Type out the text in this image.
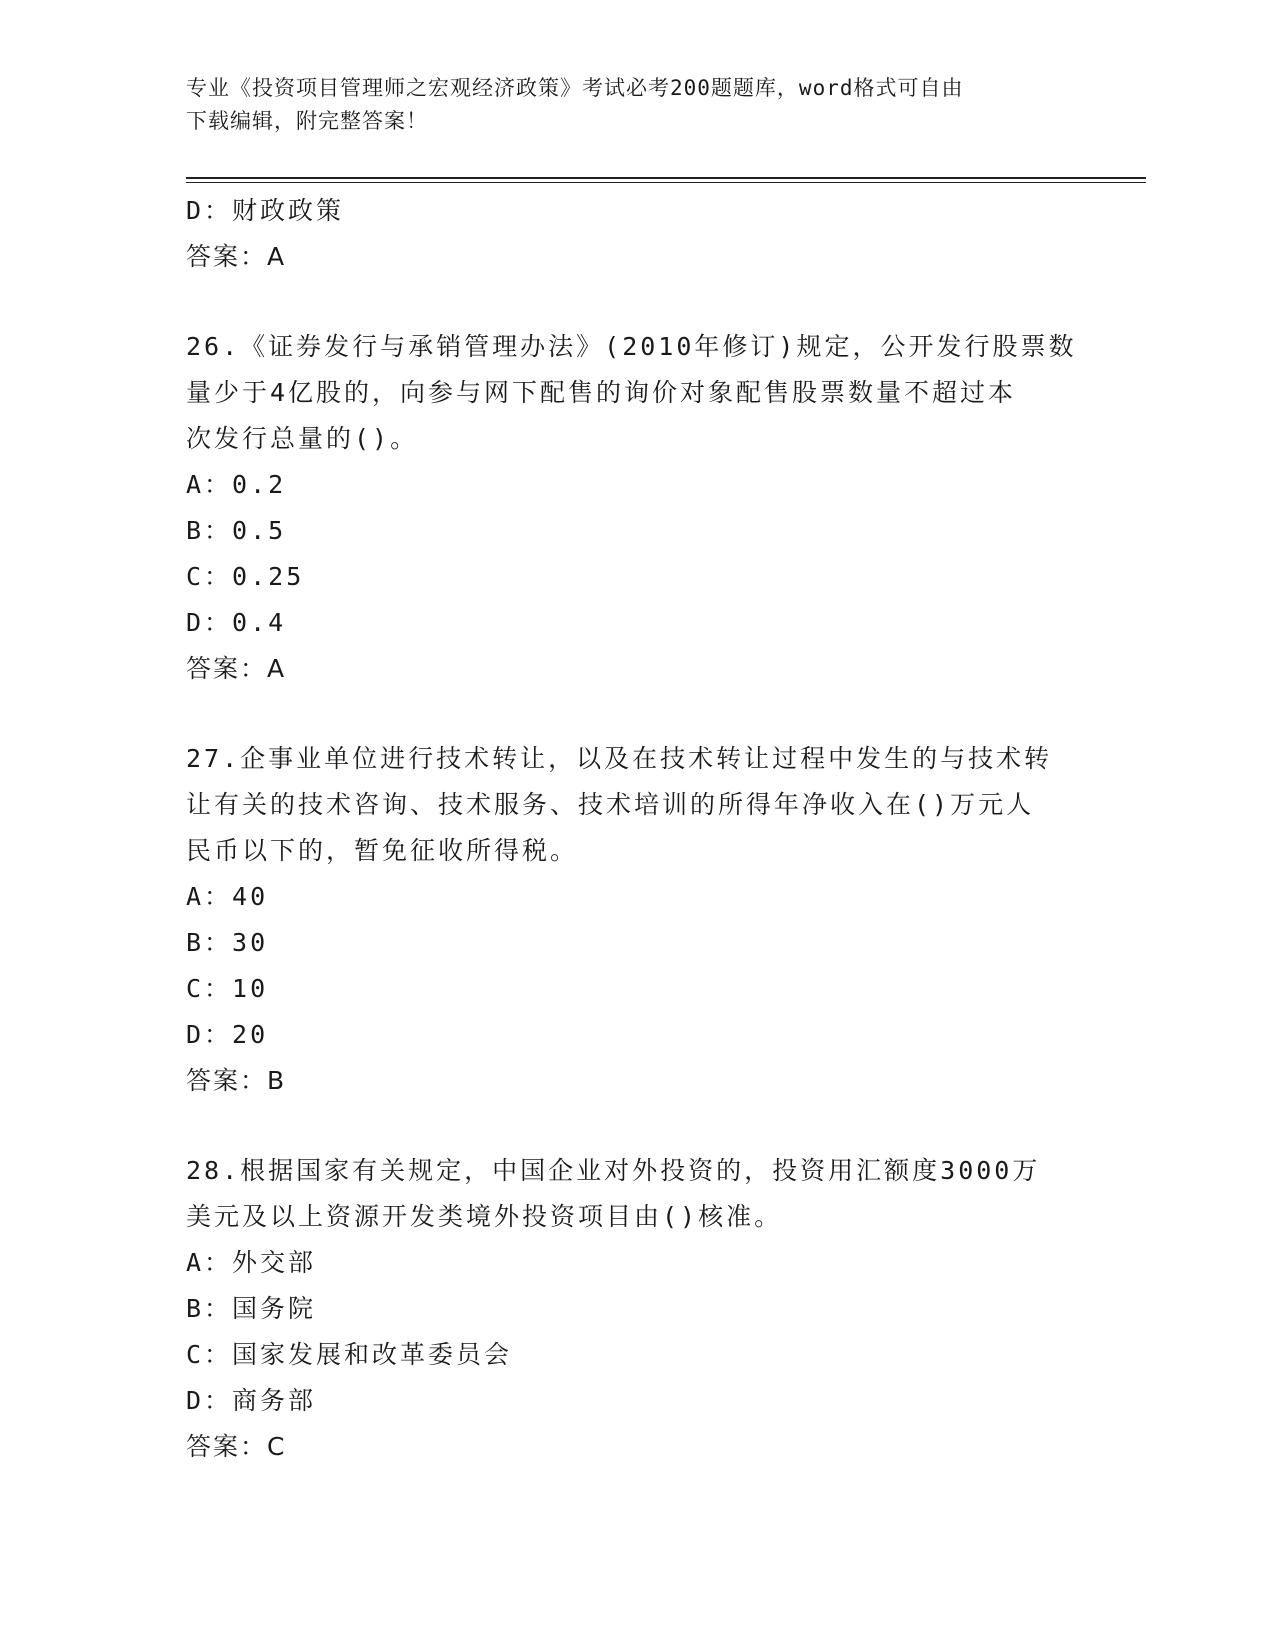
专业《投资项目管理师之宏观经济政策》考试必考200题题库，word格式可自由
下载编辑，附完整答案！
D：财政政策
答案：A
26.《证券发行与承销管理办法》(2010年修订)规定，公开发行股票数
量少于4亿股的，向参与网下配售的询价对象配售股票数量不超过本
次发行总量的()。
A：0.2
B：0.5
C：0.25
D：0.4
答案：A
27.企事业单位进行技术转让，以及在技术转让过程中发生的与技术转
让有关的技术咨询、技术服务、技术培训的所得年净收入在()万元人
民币以下的，暂免征收所得税。
A：40
B：30
C：10
D：20
答案：B
28.根据国家有关规定，中国企业对外投资的，投资用汇额度3000万
美元及以上资源开发类境外投资项目由()核准。
A：外交部
B：国务院
C：国家发展和改革委员会
D：商务部
答案：C
